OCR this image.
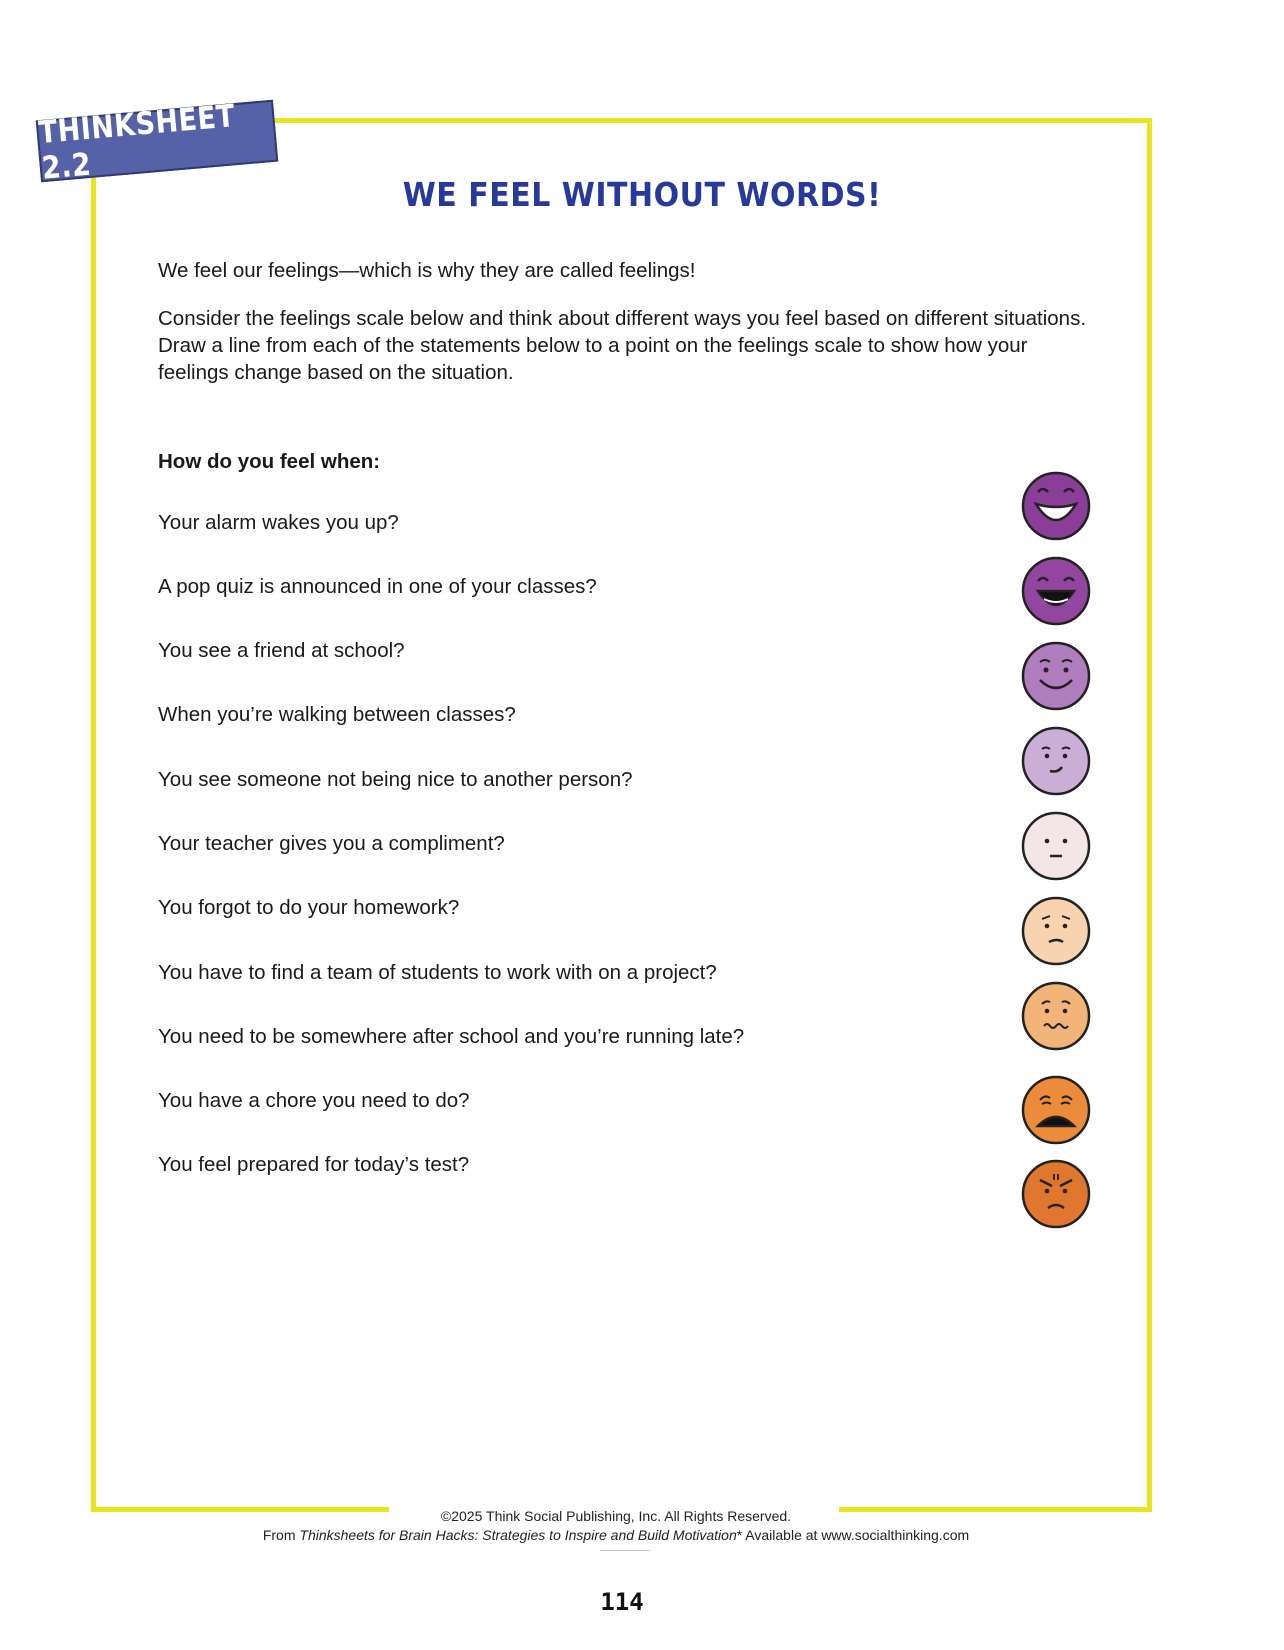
THINKSHEET 2.2
WE FEEL WITHOUT WORDS!
We feel our feelings—which is why they are called feelings!
Consider the feelings scale below and think about different ways you feel based on different situations. Draw a line from each of the statements below to a point on the feelings scale to show how your feelings change based on the situation.
How do you feel when:
Your alarm wakes you up?
A pop quiz is announced in one of your classes?
You see a friend at school?
When you’re walking between classes?
You see someone not being nice to another person?
Your teacher gives you a compliment?
You forgot to do your homework?
You have to find a team of students to work with on a project?
You need to be somewhere after school and you’re running late?
You have a chore you need to do?
You feel prepared for today’s test?
©2025 Think Social Publishing, Inc. All Rights Reserved.
From Thinksheets for Brain Hacks: Strategies to Inspire and Build Motivation* Available at www.socialthinking.com
114
